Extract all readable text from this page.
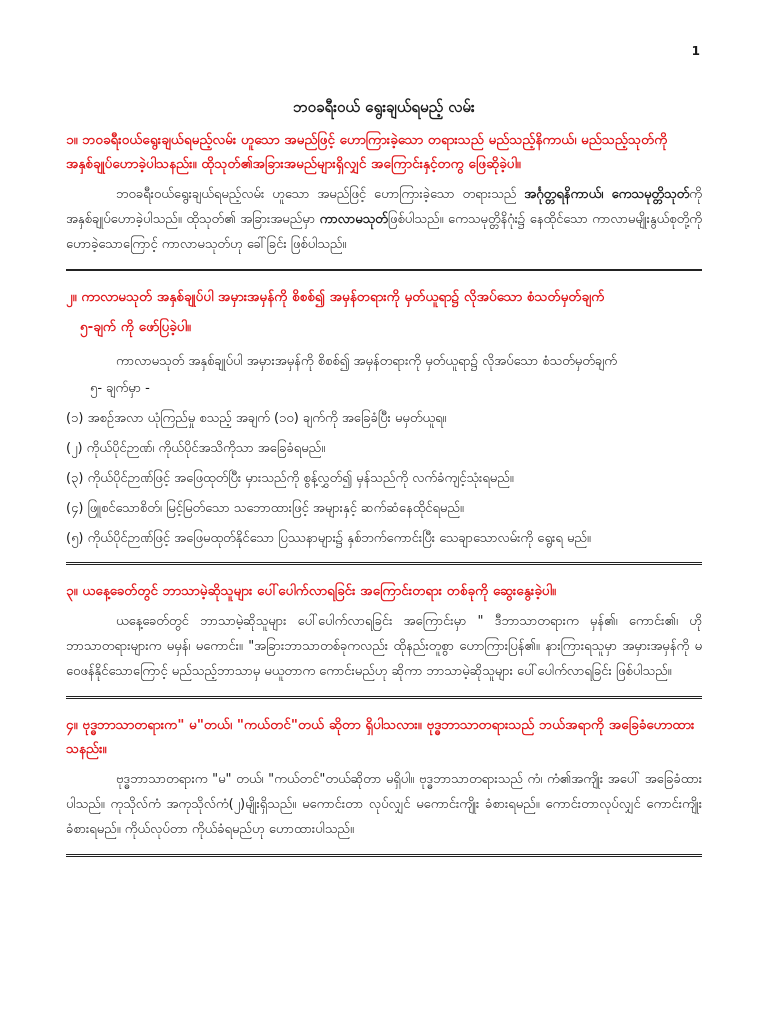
1
ဘဝခရီးဝယ် ရွေးချယ်ရမည့် လမ်း

၁။ ဘဝခရီးဝယ်ရွေးချယ်ရမည့်လမ်း ဟူသော အမည်ဖြင့် ဟောကြားခဲ့သော တရားသည် မည်သည့်နိကာယ်၊ မည်သည့်သုတ်ကို အနှစ်ချုပ်ဟောခဲ့ပါသနည်း။ ထိုသုတ်၏အခြားအမည်များရှိလျှင် အကြောင်းနှင့်တကွ ဖြေဆိုခဲ့ပါ။

ဘဝခရီးဝယ်ရွေးချယ်ရမည့်လမ်း ဟူသော အမည်ဖြင့် ဟောကြားခဲ့သော တရားသည် အင်္ဂုတ္တရနိကာယ်၊ ကေသမုတ္တိသုတ်ကို အနှစ်ချုပ်ဟောခဲ့ပါသည်။ ထိုသုတ်၏ အခြားအမည်မှာ ကာလာမသုတ်ဖြစ်ပါသည်။ ကေသမုတ္တိနိဂုံး၌ နေထိုင်သော ကာလာမမျိုးနွယ်စုတို့ကို ဟောခဲ့သောကြောင့် ကာလာမသုတ်ဟု ခေါ်ခြင်း ဖြစ်ပါသည်။

၂။ ကာလာမသုတ် အနှစ်ချုပ်ပါ အမှားအမှန်ကို စိစစ်၍ အမှန်တရားကို မှတ်ယူရာ၌ လိုအပ်သော စံသတ်မှတ်ချက်

၅-ချက် ကို ဖော်ပြခဲ့ပါ။

ကာလာမသုတ် အနှစ်ချုပ်ပါ အမှားအမှန်ကို စိစစ်၍ အမှန်တရားကို မှတ်ယူရာ၌ လိုအပ်သော စံသတ်မှတ်ချက်

၅- ချက်မှာ -

(၁) အစဉ်အလာ ယုံကြည်မှု စသည့် အချက် (၁၀) ချက်ကို အခြေခံပြီး မမှတ်ယူရ။

(၂) ကိုယ်ပိုင်ဉာဏ်၊ ကိုယ်ပိုင်အသိကိုသာ အခြေခံရမည်။

(၃) ကိုယ်ပိုင်ဉာဏ်ဖြင့် အဖြေထုတ်ပြီး မှားသည်ကို စွန့်လွှတ်၍ မှန်သည်ကို လက်ခံကျင့်သုံးရမည်။

(၄) ဖြူစင်သောစိတ်၊ မြင့်မြတ်သော သဘောထားဖြင့် အများနှင့် ဆက်ဆံနေထိုင်ရမည်။

(၅) ကိုယ်ပိုင်ဉာဏ်ဖြင့် အဖြေမထုတ်နိုင်သော ပြဿနာများ၌ နှစ်ဘက်ကောင်းပြီး သေချာသောလမ်းကို ရွေးရ မည်။

၃။ ယနေ့ခေတ်တွင် ဘာသာမဲ့ဆိုသူများ ပေါ်ပေါက်လာရခြင်း အကြောင်းတရား တစ်ခုကို ဆွေးနွေးခဲ့ပါ။

ယနေ့ခေတ်တွင် ဘာသာမဲ့ဆိုသူများ ပေါ်ပေါက်လာရခြင်း အကြောင်းမှာ " ဒီဘာသာတရားက မှန်၏၊ ကောင်း၏၊ ဟိုဘာသာတရားများက မမှန်၊ မကောင်း။ "အခြားဘာသာတစ်ခုကလည်း ထိုနည်းတူစွာ ဟောကြားပြန်၏။ နားကြားရသူမှာ အမှားအမှန်ကို မဝေဖန်နိုင်သောကြောင့် မည်သည့်ဘာသာမှ မယူတာက ကောင်းမည်ဟု ဆိုကာ ဘာသာမဲ့ဆိုသူများ ပေါ်ပေါက်လာရခြင်း ဖြစ်ပါသည်။

၄။ ဗုဒ္ဓဘာသာတရားက" မ"တယ်၊ "ကယ်တင်"တယ် ဆိုတာ ရှိပါသလား။ ဗုဒ္ဓဘာသာတရားသည် ဘယ်အရာကို အခြေခံဟောထားသနည်း။

ဗုဒ္ဓဘာသာတရားက "မ" တယ်၊ "ကယ်တင်"တယ်ဆိုတာ မရှိပါ။ ဗုဒ္ဓဘာသာတရားသည် ကံ၊ ကံ၏အကျိုး အပေါ် အခြေခံထားပါသည်။ ကုသိုလ်ကံ အကုသိုလ်ကံ(၂)မျိုးရှိသည်။ မကောင်းတာ လုပ်လျှင် မကောင်းကျိုး ခံစားရမည်။ ကောင်းတာလုပ်လျှင် ကောင်းကျိုးခံစားရမည်။ ကိုယ်လုပ်တာ ကိုယ်ခံရမည်ဟု ဟောထားပါသည်။
